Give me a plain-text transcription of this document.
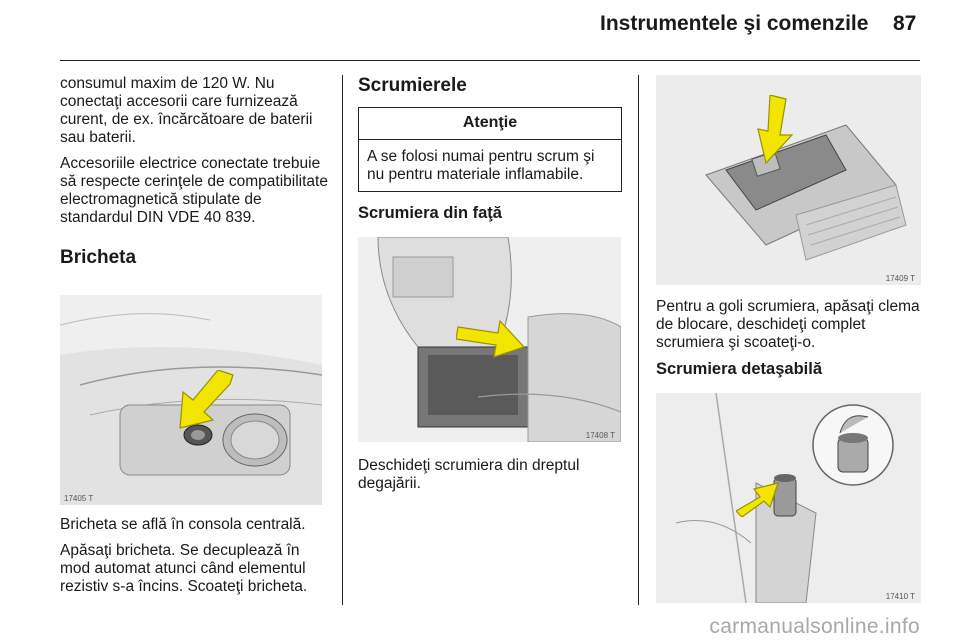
Instrumentele şi comenzile 87

consumul maxim de 120 W. Nu conectaţi accesorii care furnizează curent, de ex. încărcătoare de baterii sau baterii.

Accesoriile electrice conectate trebuie să respecte cerinţele de compatibilitate electromagnetică stipulate de standardul DIN VDE 40 839.

Bricheta
17405 T

Bricheta se află în consola centrală.

Apăsaţi bricheta. Se decuplează în mod automat atunci când elementul rezistiv s-a încins. Scoateţi bricheta.

Scrumierele
Atenţie
A se folosi numai pentru scrum şi nu pentru materiale inflamabile.
Scrumiera din faţă
17408 T

Deschideţi scrumiera din dreptul degajării.

17409 T

Pentru a goli scrumiera, apăsaţi clema de blocare, deschideţi complet scrumiera şi scoateţi-o.

Scrumiera detaşabilă
17410 T
carmanualsonline.info
